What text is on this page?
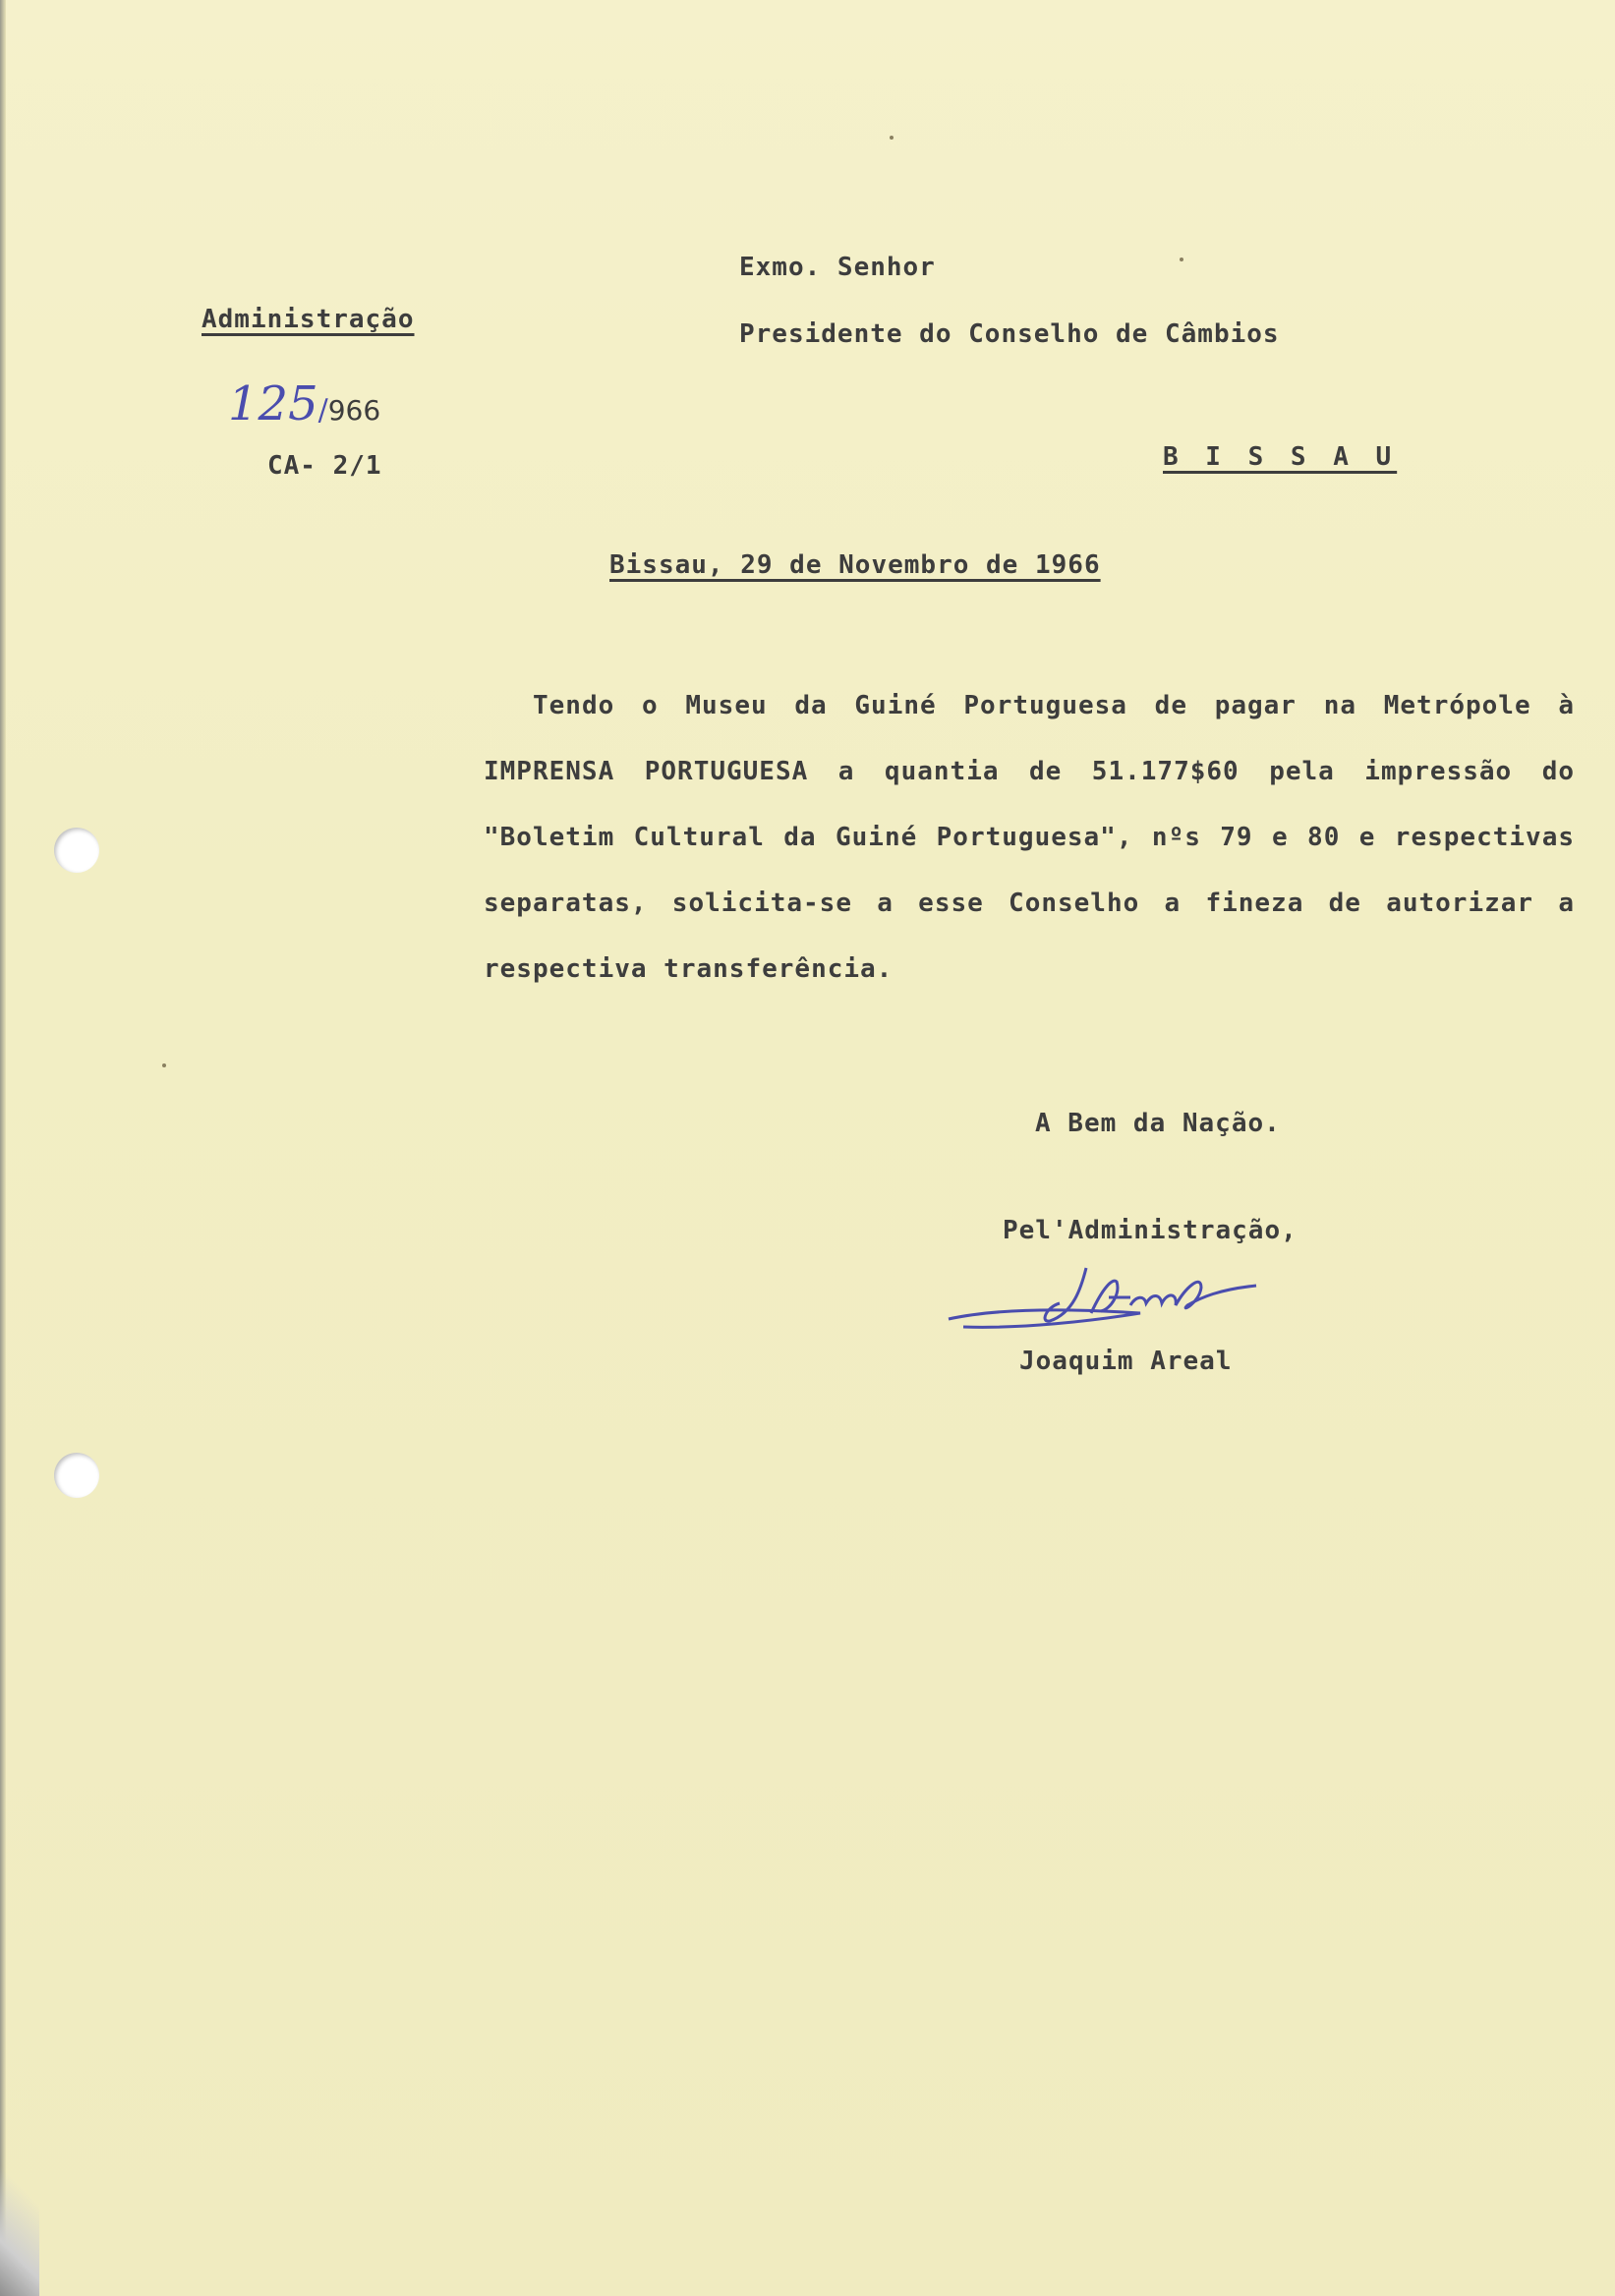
Administração
125/966
CA- 2/1
Exmo. Senhor
Presidente do Conselho de Câmbios
B I S S A U
Bissau, 29 de Novembro de 1966
Tendo o Museu da Guiné Portuguesa de pagar na Metrópole à IMPRENSA PORTUGUESA a quantia de 51.177$60 pela impressão do "Boletim Cultural da Guiné Portuguesa", nºs 79 e 80 e respectivas separatas, solicita-se a esse Conselho a fineza de autorizar a respectiva transferência.
A Bem da Nação.
Pel'Administração,
Joaquim Areal
